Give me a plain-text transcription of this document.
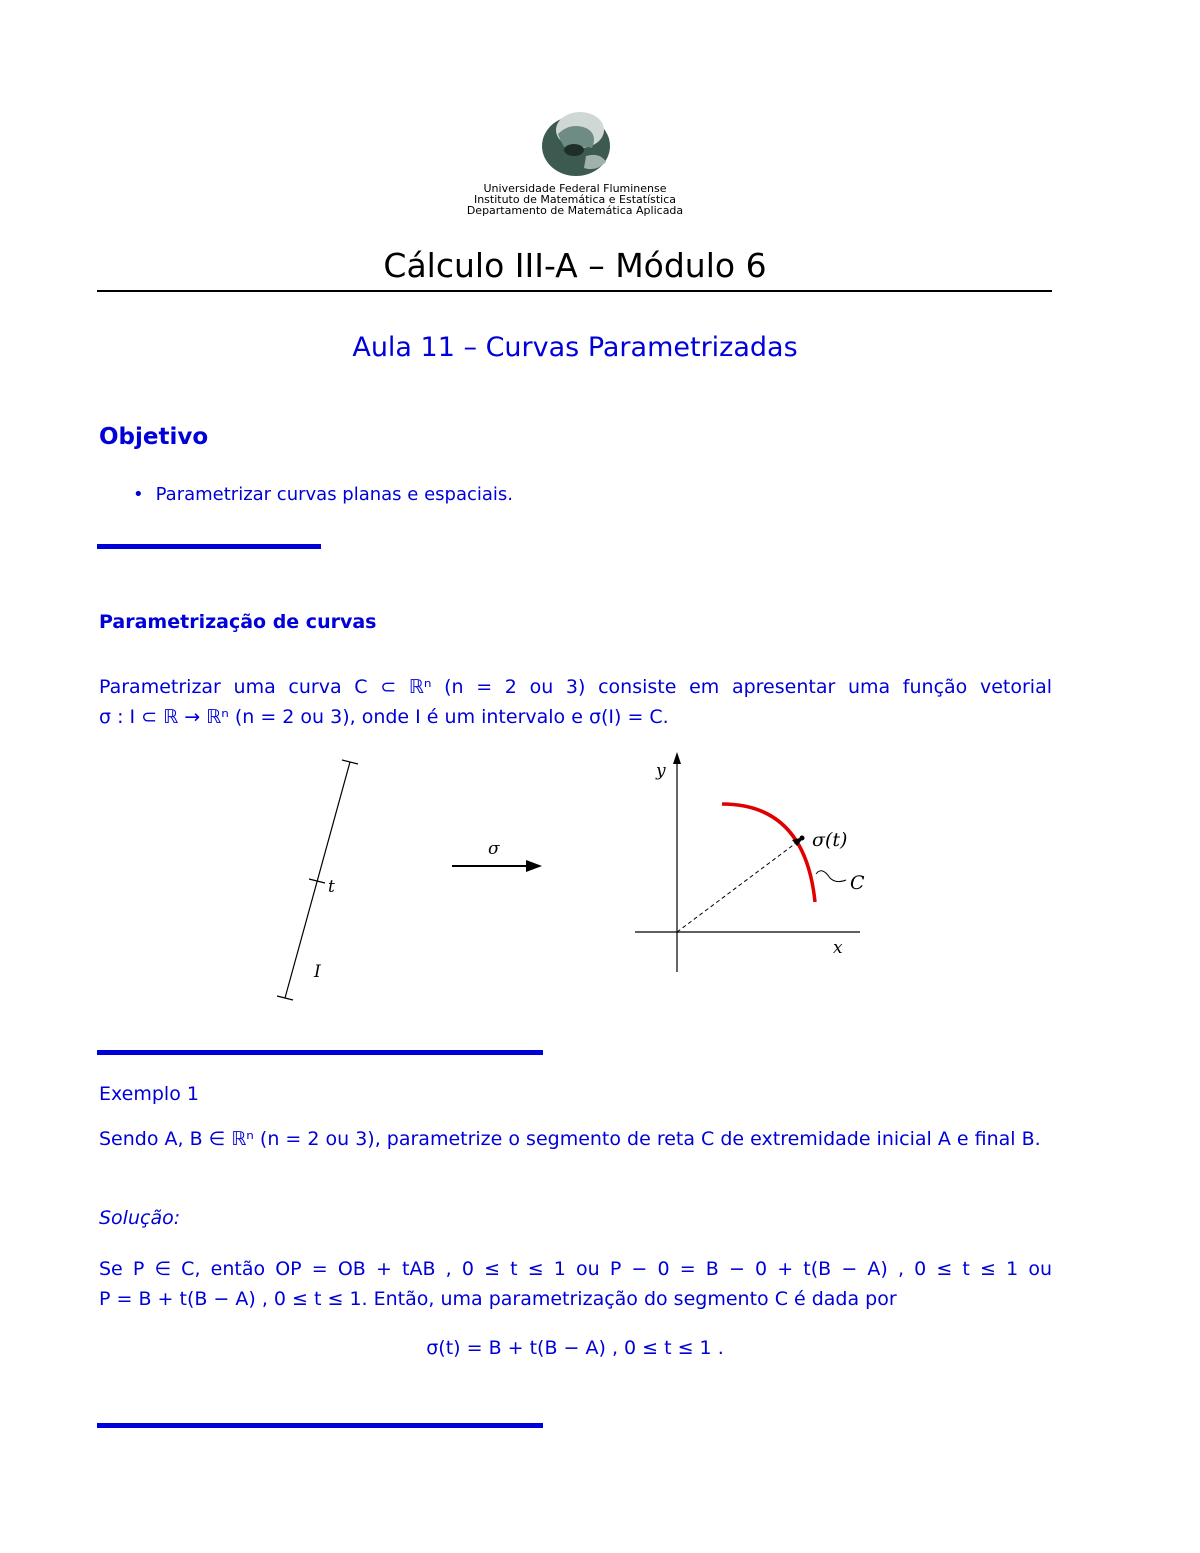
Universidade Federal Fluminense
Instituto de Matemática e Estatística
Departamento de Matemática Aplicada
Cálculo III-A – Módulo 6
Aula 11 – Curvas Parametrizadas
Objetivo
• Parametrizar curvas planas e espaciais.
Parametrização de curvas
Parametrizar uma curva C ⊂ ℝⁿ (n = 2 ou 3) consiste em apresentar uma função vetorial
σ : I ⊂ ℝ → ℝⁿ (n = 2 ou 3), onde I é um intervalo e σ(I) = C.
t
I
σ
y
x
σ(t)
C
Exemplo 1
Sendo A, B ∈ ℝⁿ (n = 2 ou 3), parametrize o segmento de reta C de extremidade inicial A e final B.
Solução:
Se P ∈ C, então OP = OB + tAB , 0 ≤ t ≤ 1 ou P − 0 = B − 0 + t(B − A) , 0 ≤ t ≤ 1 ou
P = B + t(B − A) , 0 ≤ t ≤ 1. Então, uma parametrização do segmento C é dada por
σ(t) = B + t(B − A) , 0 ≤ t ≤ 1 .
